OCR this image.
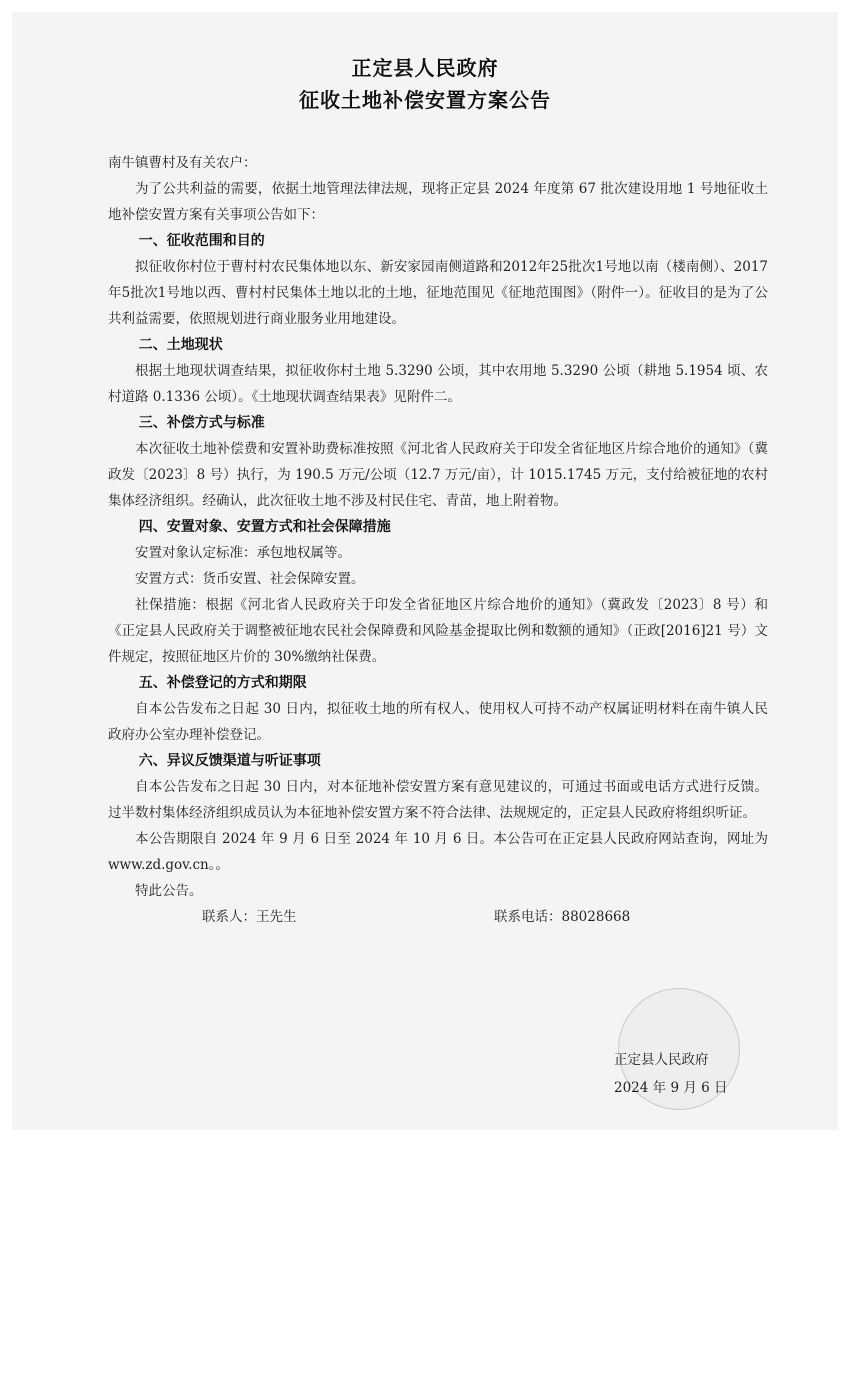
正定县人民政府
征收土地补偿安置方案公告

南牛镇曹村及有关农户：

为了公共利益的需要，依据土地管理法律法规，现将正定县 2024 年度第 67 批次建设用地 1 号地征收土地补偿安置方案有关事项公告如下：

一、征收范围和目的

拟征收你村位于曹村村农民集体地以东、新安家园南侧道路和2012年25批次1号地以南（楼南侧）、2017年5批次1号地以西、曹村村民集体土地以北的土地，征地范围见《征地范围图》（附件一）。征收目的是为了公共利益需要，依照规划进行商业服务业用地建设。

二、土地现状

根据土地现状调查结果，拟征收你村土地 5.3290 公顷，其中农用地 5.3290 公顷（耕地 5.1954 顷、农村道路 0.1336 公顷）。《土地现状调查结果表》见附件二。

三、补偿方式与标准

本次征收土地补偿费和安置补助费标准按照《河北省人民政府关于印发全省征地区片综合地价的通知》（冀政发〔2023〕8 号）执行，为 190.5 万元/公顷（12.7 万元/亩），计 1015.1745 万元，支付给被征地的农村集体经济组织。经确认，此次征收土地不涉及村民住宅、青苗，地上附着物。

四、安置对象、安置方式和社会保障措施

安置对象认定标准：承包地权属等。

安置方式：货币安置、社会保障安置。

社保措施：根据《河北省人民政府关于印发全省征地区片综合地价的通知》（冀政发〔2023〕8 号）和《正定县人民政府关于调整被征地农民社会保障费和风险基金提取比例和数额的通知》（正政[2016]21 号）文件规定，按照征地区片价的 30%缴纳社保费。

五、补偿登记的方式和期限

自本公告发布之日起 30 日内，拟征收土地的所有权人、使用权人可持不动产权属证明材料在南牛镇人民政府办公室办理补偿登记。

六、异议反馈渠道与听证事项

自本公告发布之日起 30 日内，对本征地补偿安置方案有意见建议的，可通过书面或电话方式进行反馈。过半数村集体经济组织成员认为本征地补偿安置方案不符合法律、法规规定的，正定县人民政府将组织听证。

本公告期限自 2024 年 9 月 6 日至 2024 年 10 月 6 日。本公告可在正定县人民政府网站查询，网址为 www.zd.gov.cn。。

特此公告。

联系人：王先生	联系电话：88028668
正定县人民政府
2024 年 9 月 6 日
